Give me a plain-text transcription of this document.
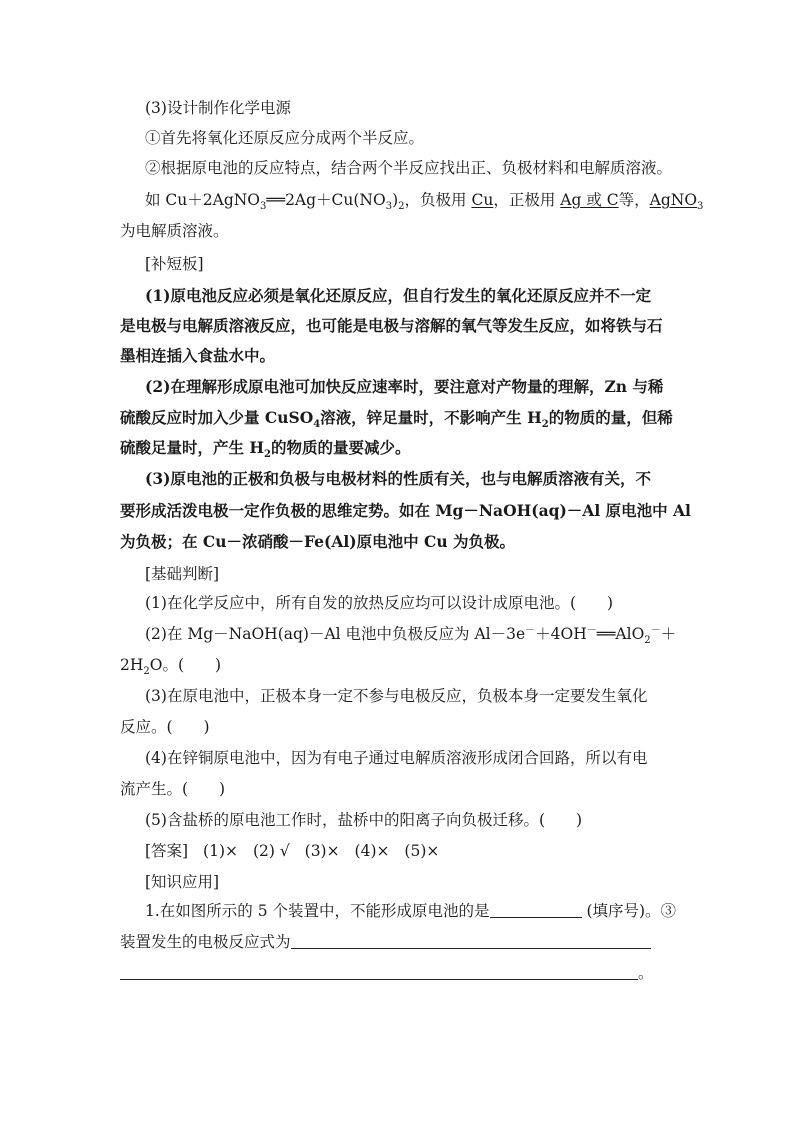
(3)设计制作化学电源
①首先将氧化还原反应分成两个半反应。
②根据原电池的反应特点，结合两个半反应找出正、负极材料和电解质溶液。
如 $Cu+2AgNO_3══2Ag+Cu(NO_3)_2$，负极用 Cu，正极用 Ag 或 C等，AgNO$_3$
为电解质溶液。
[补短板]
(1)原电池反应必须是氧化还原反应，但自行发生的氧化还原反应并不一定
是电极与电解质溶液反应，也可能是电极与溶解的氧气等发生反应，如将铁与石
墨相连插入食盐水中。
(2)在理解形成原电池可加快反应速率时，要注意对产物量的理解，Zn 与稀
硫酸反应时加入少量 CuSO$_4$溶液，锌足量时，不影响产生 $H_2$的物质的量，但稀
硫酸足量时，产生 $H_2$的物质的量要减少。
(3)原电池的正极和负极与电极材料的性质有关，也与电解质溶液有关，不
要形成活泼电极一定作负极的思维定势。如在 Mg－NaOH(aq)－Al 原电池中 Al
为负极；在 Cu－浓硝酸－Fe(Al)原电池中 Cu 为负极。
[基础判断]
(1)在化学反应中，所有自发的放热反应均可以设计成原电池。(　　)
(2)在 Mg－NaOH(aq)－Al 电池中负极反应为 Al－3e－＋4OH－══AlO$_2$－＋
$2H_2O$。(　　)
(3)在原电池中，正极本身一定不参与电极反应，负极本身一定要发生氧化
反应。(　　)
(4)在锌铜原电池中，因为有电子通过电解质溶液形成闭合回路，所以有电
流产生。(　　)
(5)含盐桥的原电池工作时，盐桥中的阳离子向负极迁移。(　　)
[答案] (1)× (2) √ (3)× (4)× (5)×
[知识应用]
1.在如图所示的 5 个装置中，不能形成原电池的是	(填序号)。③
装置发生的电极反应式为
。
